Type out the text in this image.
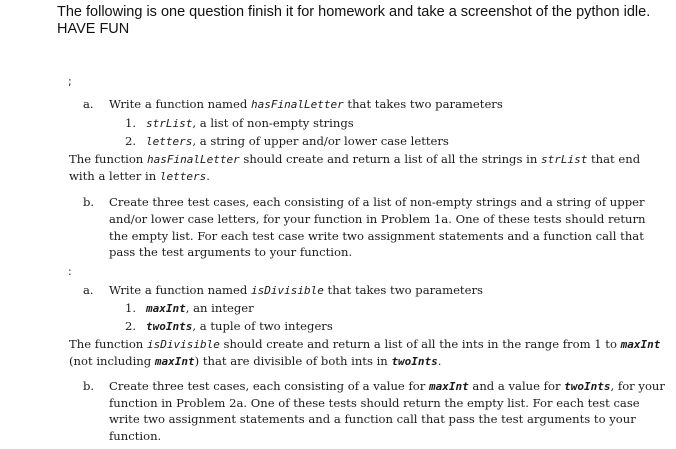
The following is one question finish it for homework and take a screenshot of the python idle.
HAVE FUN
;
a. Write a function named hasFinalLetter that takes two parameters
1. strList, a list of non-empty strings
2. letters, a string of upper and/or lower case letters
The function hasFinalLetter should create and return a list of all the strings in strList that end
with a letter in letters.
b. Create three test cases, each consisting of a list of non-empty strings and a string of upper
and/or lower case letters, for your function in Problem 1a. One of these tests should return
the empty list. For each test case write two assignment statements and a function call that
pass the test arguments to your function.
:
a. Write a function named isDivisible that takes two parameters
1. maxInt, an integer
2. twoInts, a tuple of two integers
The function isDivisible should create and return a list of all the ints in the range from 1 to maxInt
(not including maxInt) that are divisible of both ints in twoInts.
b. Create three test cases, each consisting of a value for maxInt and a value for twoInts, for your
function in Problem 2a. One of these tests should return the empty list. For each test case
write two assignment statements and a function call that pass the test arguments to your
function.
